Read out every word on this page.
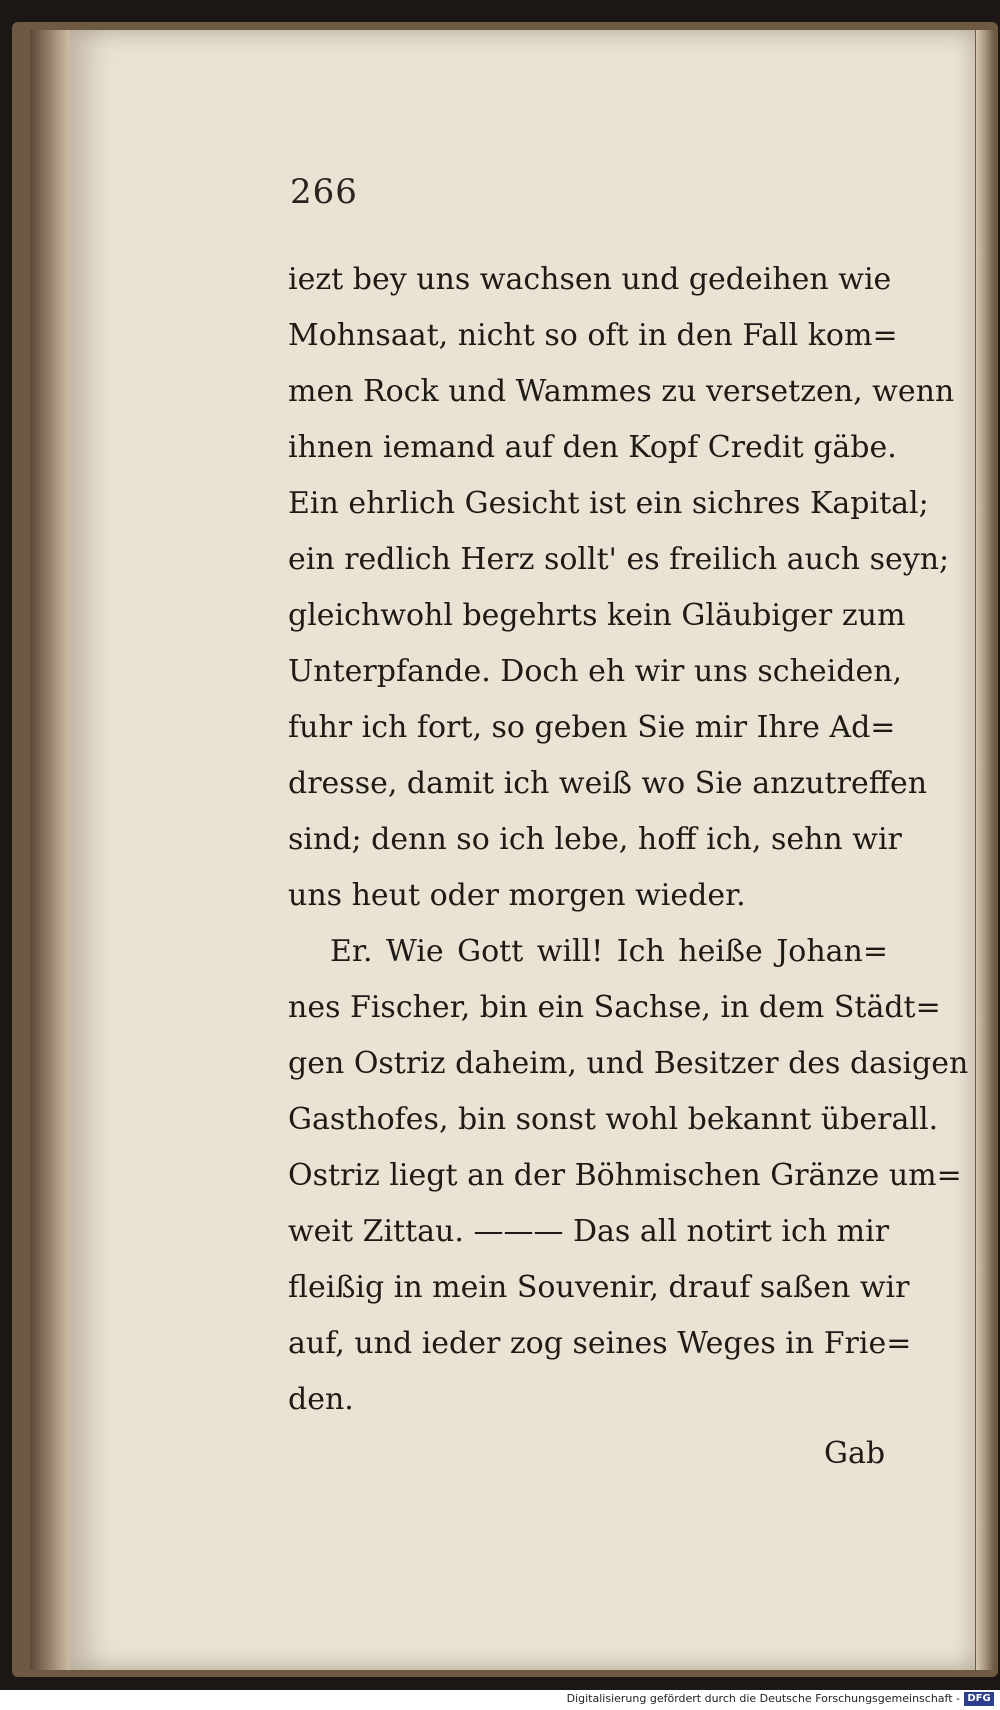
266
iezt bey uns wachsen und gedeihen wie
Mohnsaat, nicht so oft in den Fall kom=
men Rock und Wammes zu versetzen, wenn
ihnen iemand auf den Kopf Credit gäbe.
Ein ehrlich Gesicht ist ein sichres Kapital;
ein redlich Herz sollt' es freilich auch seyn;
gleichwohl begehrts kein Gläubiger zum
Unterpfande. Doch eh wir uns scheiden,
fuhr ich fort, so geben Sie mir Ihre Ad=
dresse, damit ich weiß wo Sie anzutreffen
sind; denn so ich lebe, hoff ich, sehn wir
uns heut oder morgen wieder.
Er. Wie Gott will! Ich heiße Johan=
nes Fischer, bin ein Sachse, in dem Städt=
gen Ostriz daheim, und Besitzer des dasigen
Gasthofes, bin sonst wohl bekannt überall.
Ostriz liegt an der Böhmischen Gränze um=
weit Zittau. ——— Das all notirt ich mir
fleißig in mein Souvenir, drauf saßen wir
auf, und ieder zog seines Weges in Frie=
den.
Gab
Digitalisierung gefördert durch die Deutsche Forschungsgemeinschaft - DFG
